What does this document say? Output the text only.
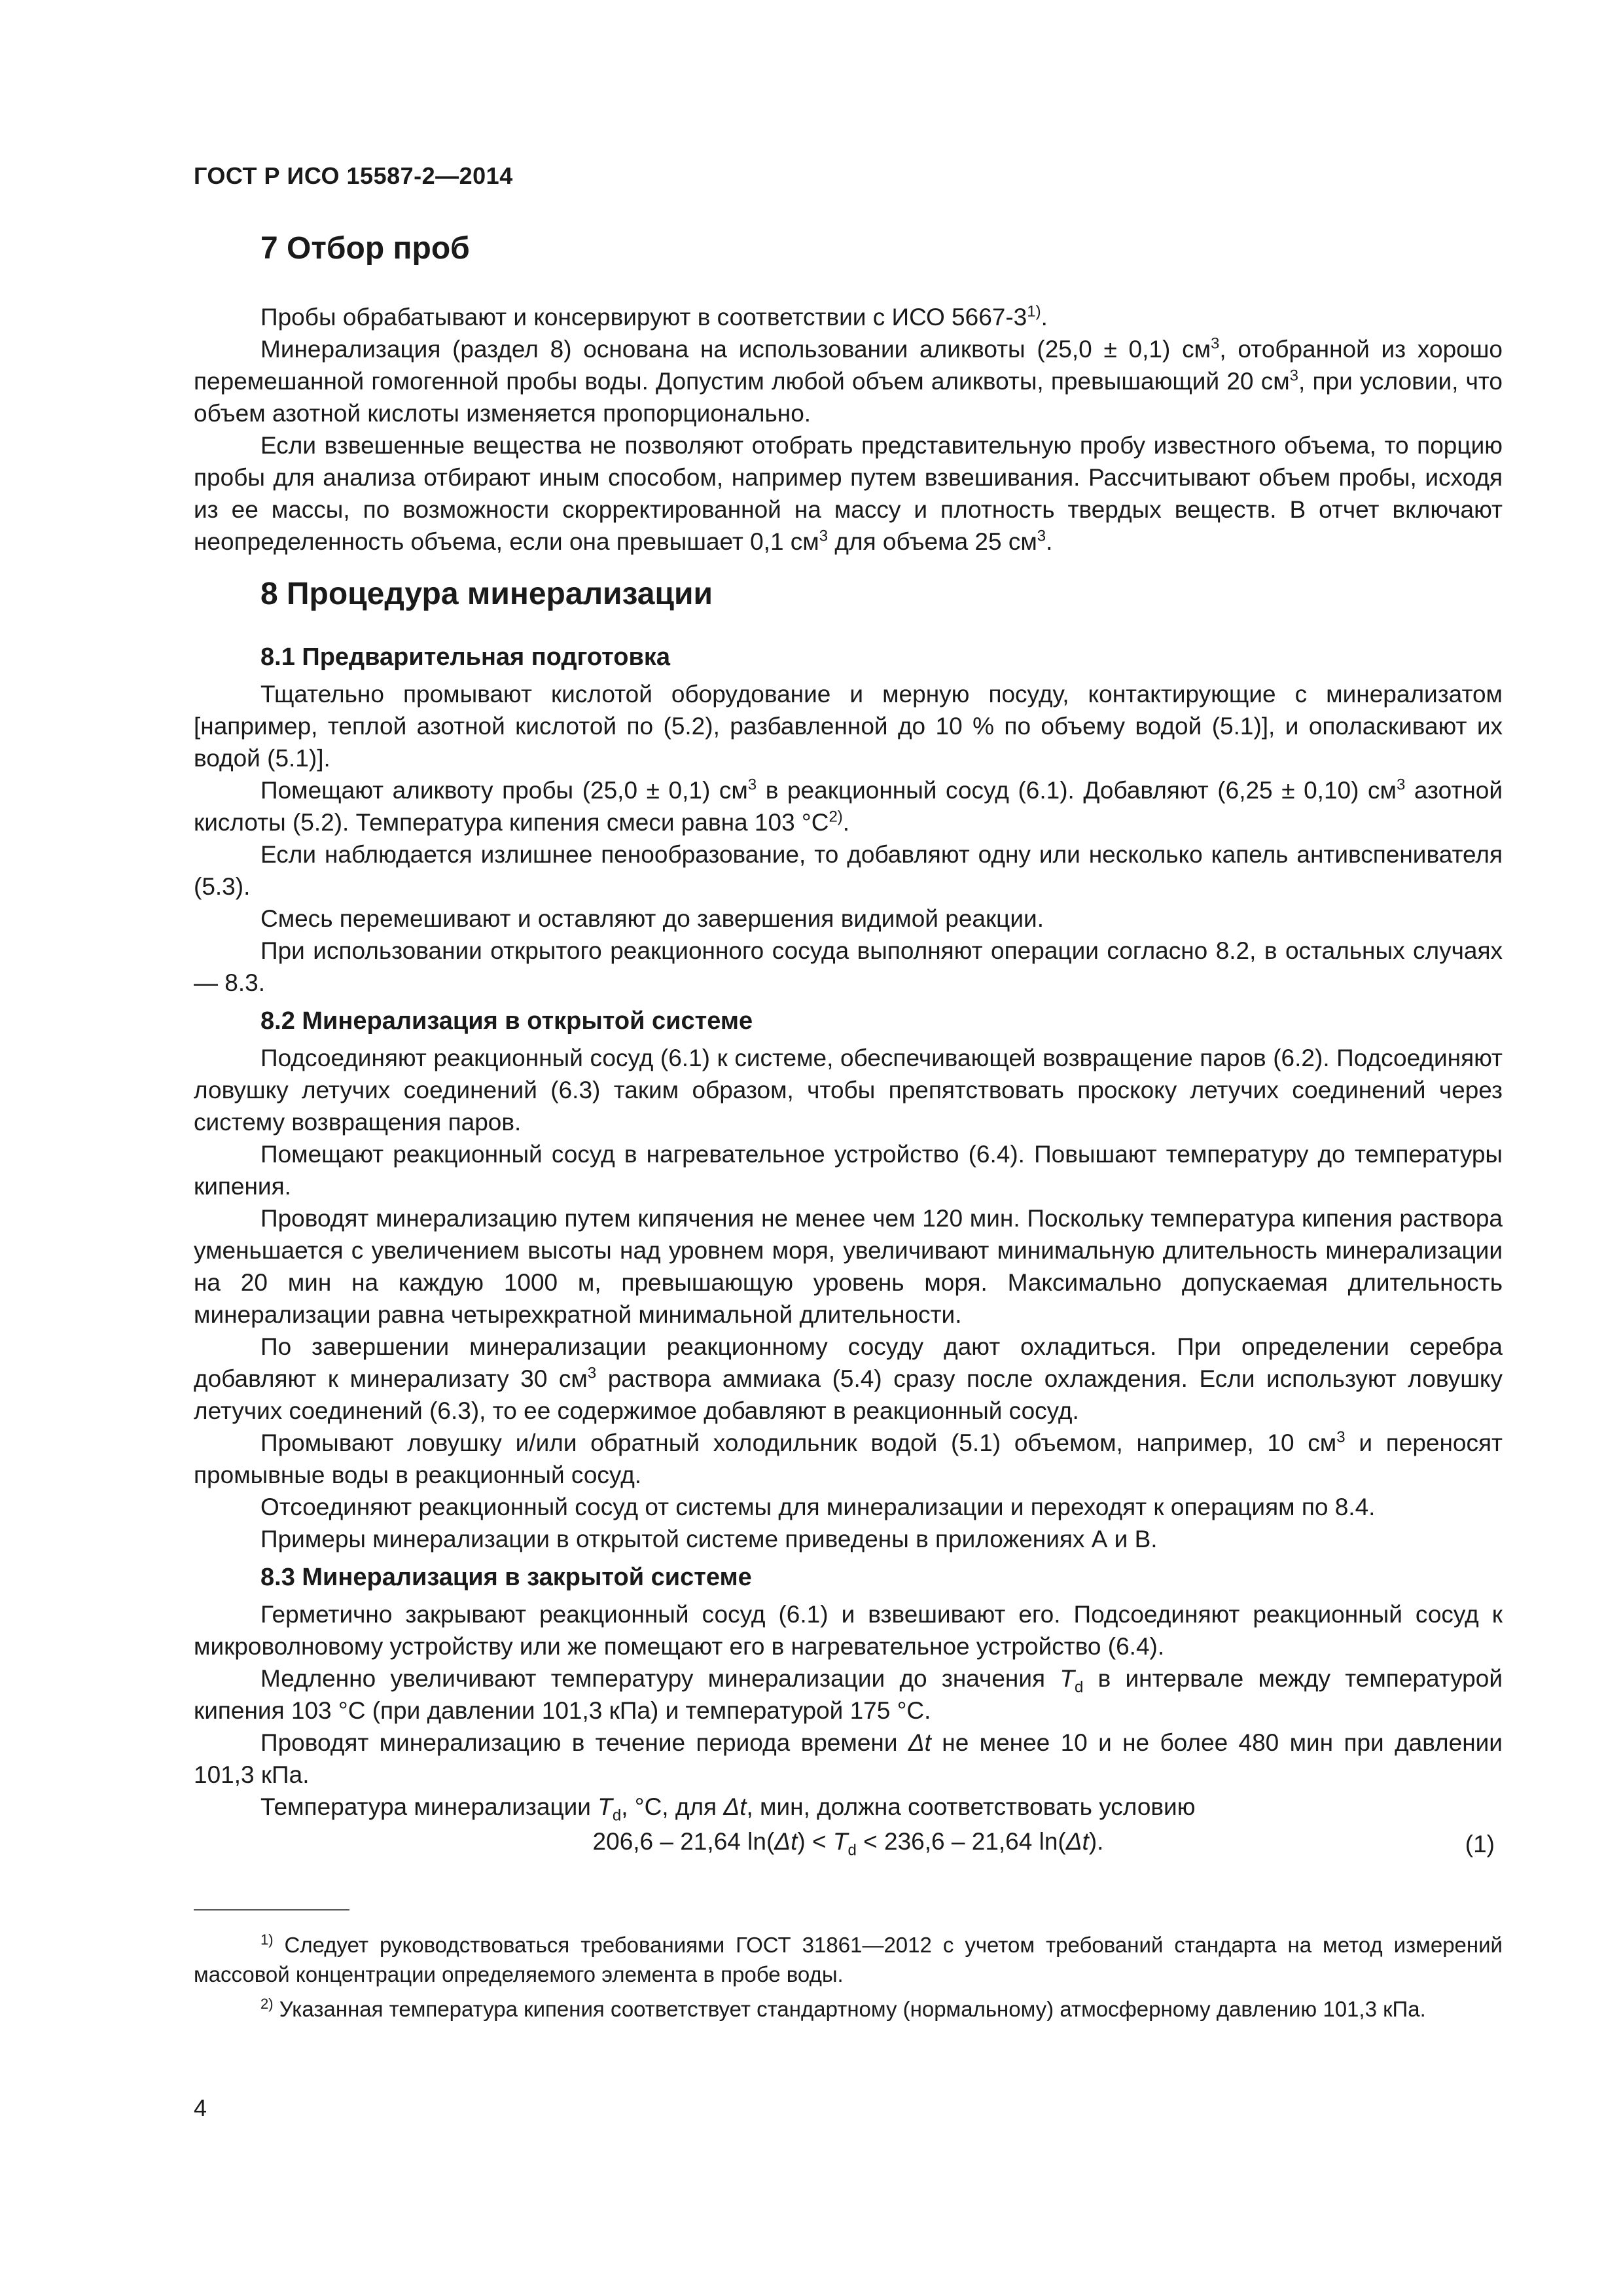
ГОСТ Р ИСО 15587-2—2014
7 Отбор проб

Пробы обрабатывают и консервируют в соответствии с ИСО 5667-3$^{1)}$.

Минерализация (раздел 8) основана на использовании аликвоты (25,0 ± 0,1) $см^3$, отобранной из хорошо перемешанной гомогенной пробы воды. Допустим любой объем аликвоты, превышающий 20 $см^3$, при условии, что объем азотной кислоты изменяется пропорционально.

Если взвешенные вещества не позволяют отобрать представительную пробу известного объема, то порцию пробы для анализа отбирают иным способом, например путем взвешивания. Рассчитывают объем пробы, исходя из ее массы, по возможности скорректированной на массу и плотность твердых веществ. В отчет включают неопределенность объема, если она превышает 0,1 $см^3$ для объема 25 $см^3$.

8 Процедура минерализации
8.1 Предварительная подготовка

Тщательно промывают кислотой оборудование и мерную посуду, контактирующие с минерализатом [например, теплой азотной кислотой по (5.2), разбавленной до 10 % по объему водой (5.1)], и ополаскивают их водой (5.1)].

Помещают аликвоту пробы (25,0 ± 0,1) $см^3$ в реакционный сосуд (6.1). Добавляют (6,25 ± 0,10) $см^3$ азотной кислоты (5.2). Температура кипения смеси равна 103 $^\circ С^{2)}$.

Если наблюдается излишнее пенообразование, то добавляют одну или несколько капель антивспенивателя (5.3).

Смесь перемешивают и оставляют до завершения видимой реакции.

При использовании открытого реакционного сосуда выполняют операции согласно 8.2, в остальных случаях — 8.3.

8.2 Минерализация в открытой системе

Подсоединяют реакционный сосуд (6.1) к системе, обеспечивающей возвращение паров (6.2). Подсоединяют ловушку летучих соединений (6.3) таким образом, чтобы препятствовать проскоку летучих соединений через систему возвращения паров.

Помещают реакционный сосуд в нагревательное устройство (6.4). Повышают температуру до температуры кипения.

Проводят минерализацию путем кипячения не менее чем 120 мин. Поскольку температура кипения раствора уменьшается с увеличением высоты над уровнем моря, увеличивают минимальную длительность минерализации на 20 мин на каждую 1000 м, превышающую уровень моря. Максимально допускаемая длительность минерализации равна четырехкратной минимальной длительности.

По завершении минерализации реакционному сосуду дают охладиться. При определении серебра добавляют к минерализату 30 $см^3$ раствора аммиака (5.4) сразу после охлаждения. Если используют ловушку летучих соединений (6.3), то ее содержимое добавляют в реакционный сосуд.

Промывают ловушку и/или обратный холодильник водой (5.1) объемом, например, 10 $см^3$ и переносят промывные воды в реакционный сосуд.

Отсоединяют реакционный сосуд от системы для минерализации и переходят к операциям по 8.4.

Примеры минерализации в открытой системе приведены в приложениях А и В.

8.3 Минерализация в закрытой системе

Герметично закрывают реакционный сосуд (6.1) и взвешивают его. Подсоединяют реакционный сосуд к микроволновому устройству или же помещают его в нагревательное устройство (6.4).

Медленно увеличивают температуру минерализации до значения $T_d$ в интервале между температурой кипения 103 °С (при давлении 101,3 кПа) и температурой 175 °С.

Проводят минерализацию в течение периода времени Δt не менее 10 и не более 480 мин при давлении 101,3 кПа.

Температура минерализации $T_d$, °С, для Δt, мин, должна соответствовать условию

206,6 – 21,64 $\ln(\Delta t) < T_d < 236,6 - 21,64$ ln(Δt).	(1)

$^{1)}$ Следует руководствоваться требованиями ГОСТ 31861—2012 с учетом требований стандарта на метод измерений массовой концентрации определяемого элемента в пробе воды.

$^{2)}$ Указанная температура кипения соответствует стандартному (нормальному) атмосферному давлению 101,3 кПа.

4
